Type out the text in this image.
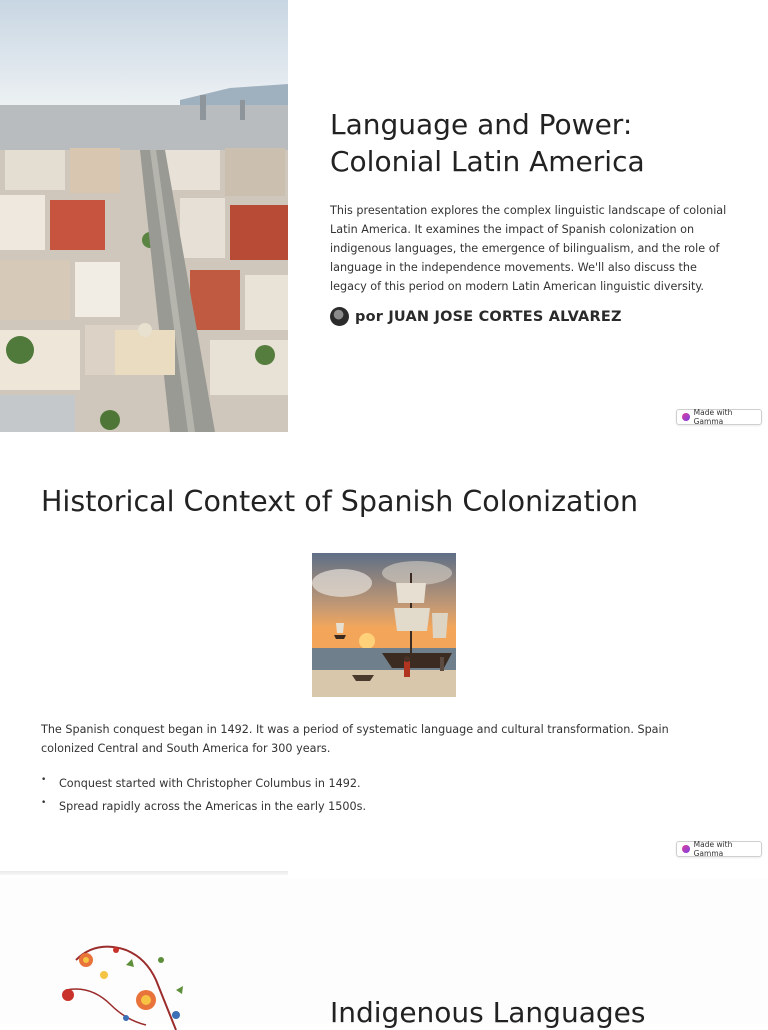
Language and Power: Colonial Latin America

This presentation explores the complex linguistic landscape of colonial Latin America. It examines the impact of Spanish colonization on indigenous languages, the emergence of bilingualism, and the role of language in the independence movements. We'll also discuss the legacy of this period on modern Latin American linguistic diversity.

por JUAN JOSE CORTES ALVAREZ
Made with Gamma
Historical Context of Spanish Colonization

The Spanish conquest began in 1492. It was a period of systematic language and cultural transformation. Spain colonized Central and South America for 300 years.

• Conquest started with Christopher Columbus in 1492.
• Spread rapidly across the Americas in the early 1500s.
Made with Gamma
Indigenous Languages
